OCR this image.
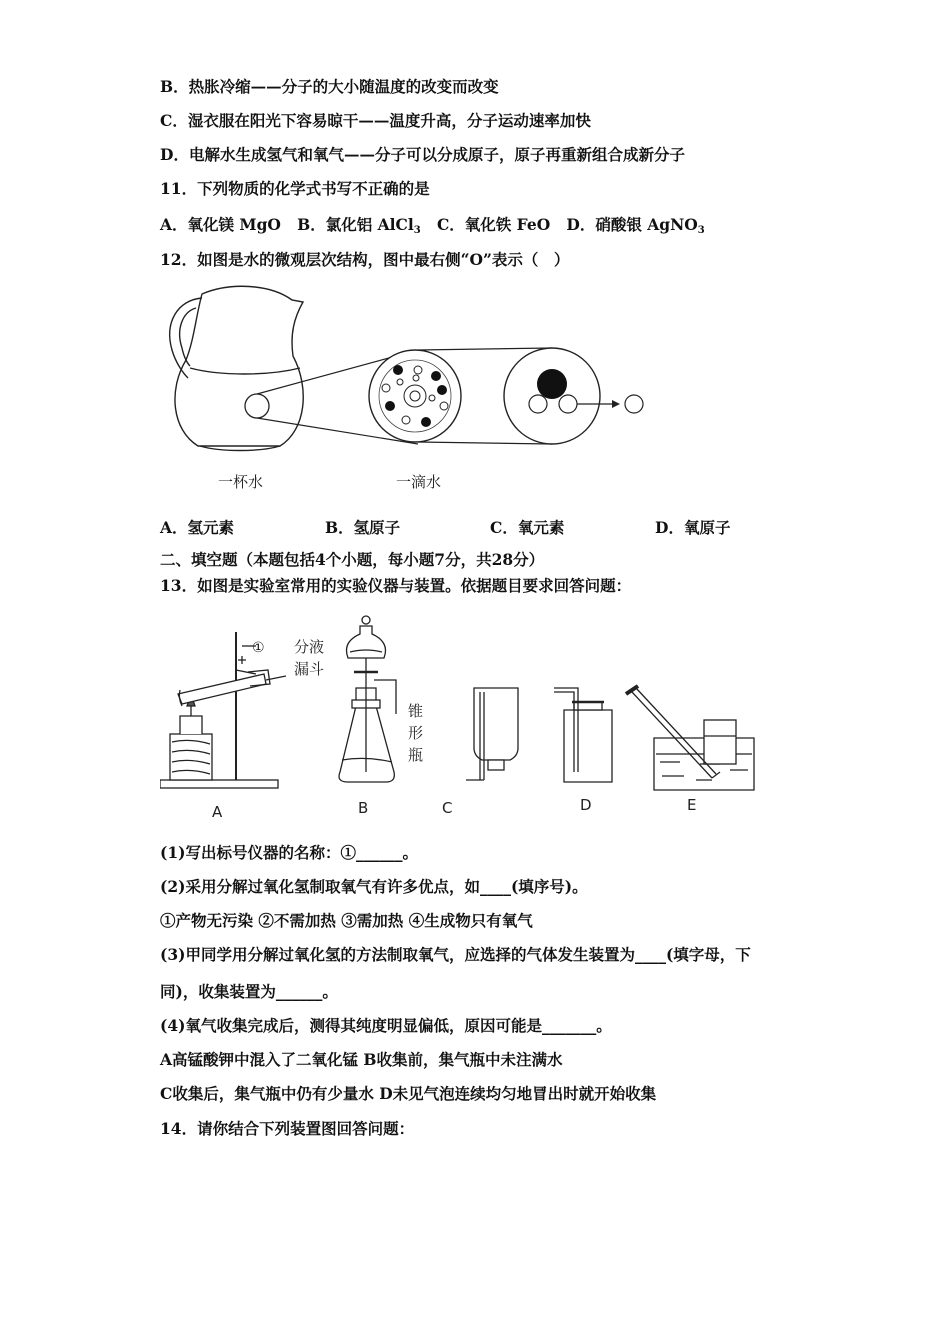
B．热胀冷缩——分子的大小随温度的改变而改变
C．湿衣服在阳光下容易晾干——温度升高，分子运动速率加快
D．电解水生成氢气和氧气——分子可以分成原子，原子再重新组合成新分子
11．下列物质的化学式书写不正确的是
A．氧化镁 MgO B．氯化铝 AlCl$_3$ C．氧化铁 FeO D．硝酸银 AgNO$_3$
12．如图是水的微观层次结构，图中最右侧“O”表示（　）
一杯水	一滴水
A．氢元素	B．氢原子	C．氧元素	D．氧原子
二、填空题（本题包括4个小题，每小题7分，共28分）
13．如图是实验室常用的实验仪器与装置。依据题目要求回答问题：
① 分液
漏斗
锥
形
瓶
A	B	C	D	E
(1)写出标号仪器的名称：①______。
(2)采用分解过氧化氢制取氧气有许多优点，如____(填序号)。
①产物无污染 ②不需加热 ③需加热 ④生成物只有氧气
(3)甲同学用分解过氧化氢的方法制取氧气，应选择的气体发生装置为____(填字母，下
同)，收集装置为______。
(4)氧气收集完成后，测得其纯度明显偏低，原因可能是_______。
A高锰酸钾中混入了二氧化锰 B收集前，集气瓶中未注满水
C收集后，集气瓶中仍有少量水 D未见气泡连续均匀地冒出时就开始收集
14．请你结合下列装置图回答问题：
